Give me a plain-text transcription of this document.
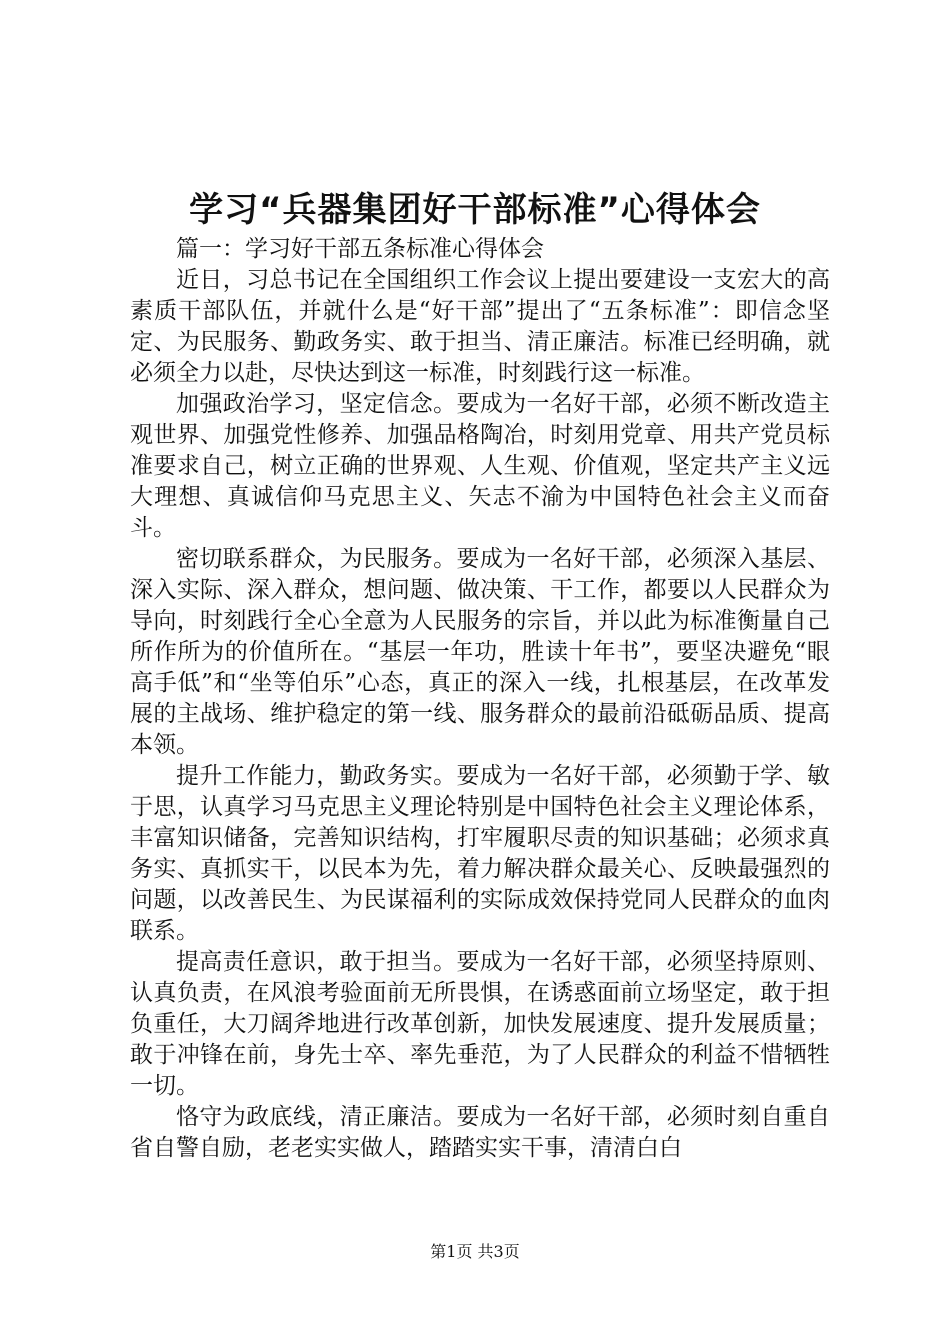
学习“兵器集团好干部标准”心得体会

篇一：学习好干部五条标准心得体会

近日，习总书记在全国组织工作会议上提出要建设一支宏大的高素质干部队伍，并就什么是“好干部”提出了“五条标准”：即信念坚定、为民服务、勤政务实、敢于担当、清正廉洁。标准已经明确，就必须全力以赴，尽快达到这一标准，时刻践行这一标准。

加强政治学习，坚定信念。要成为一名好干部，必须不断改造主观世界、加强党性修养、加强品格陶冶，时刻用党章、用共产党员标准要求自己，树立正确的世界观、人生观、价值观，坚定共产主义远大理想、真诚信仰马克思主义、矢志不渝为中国特色社会主义而奋斗。

密切联系群众，为民服务。要成为一名好干部，必须深入基层、深入实际、深入群众，想问题、做决策、干工作，都要以人民群众为导向，时刻践行全心全意为人民服务的宗旨，并以此为标准衡量自己所作所为的价值所在。“基层一年功，胜读十年书”，要坚决避免“眼高手低”和“坐等伯乐”心态，真正的深入一线，扎根基层，在改革发展的主战场、维护稳定的第一线、服务群众的最前沿砥砺品质、提高本领。

提升工作能力，勤政务实。要成为一名好干部，必须勤于学、敏于思，认真学习马克思主义理论特别是中国特色社会主义理论体系，丰富知识储备，完善知识结构，打牢履职尽责的知识基础；必须求真务实、真抓实干，以民本为先，着力解决群众最关心、反映最强烈的问题，以改善民生、为民谋福利的实际成效保持党同人民群众的血肉联系。

提高责任意识，敢于担当。要成为一名好干部，必须坚持原则、认真负责，在风浪考验面前无所畏惧，在诱惑面前立场坚定，敢于担负重任，大刀阔斧地进行改革创新，加快发展速度、提升发展质量；敢于冲锋在前，身先士卒、率先垂范，为了人民群众的利益不惜牺牲一切。

恪守为政底线，清正廉洁。要成为一名好干部，必须时刻自重自省自警自励，老老实实做人，踏踏实实干事，清清白白

第1页 共3页
